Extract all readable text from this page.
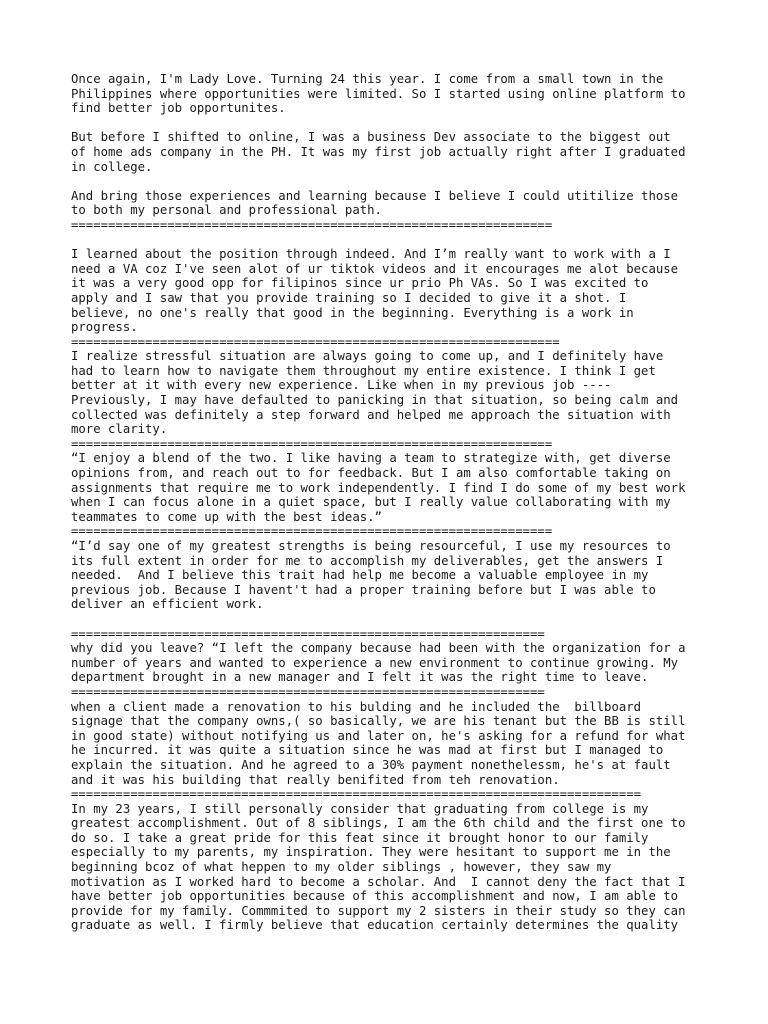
Once again, I'm Lady Love. Turning 24 this year. I come from a small town in the
Philippines where opportunities were limited. So I started using online platform to
find better job opportunites.

But before I shifted to online, I was a business Dev associate to the biggest out
of home ads company in the PH. It was my first job actually right after I graduated
in college.

And bring those experiences and learning because I believe I could utitilize those
to both my personal and professional path.
=================================================================

I learned about the position through indeed. And I’m really want to work with a I
need a VA coz I've seen alot of ur tiktok videos and it encourages me alot because
it was a very good opp for filipinos since ur prio Ph VAs. So I was excited to
apply and I saw that you provide training so I decided to give it a shot. I
believe, no one's really that good in the beginning. Everything is a work in
progress.
==================================================================
I realize stressful situation are always going to come up, and I definitely have
had to learn how to navigate them throughout my entire existence. I think I get
better at it with every new experience. Like when in my previous job ----
Previously, I may have defaulted to panicking in that situation, so being calm and
collected was definitely a step forward and helped me approach the situation with
more clarity.
=================================================================
“I enjoy a blend of the two. I like having a team to strategize with, get diverse
opinions from, and reach out to for feedback. But I am also comfortable taking on
assignments that require me to work independently. I find I do some of my best work
when I can focus alone in a quiet space, but I really value collaborating with my
teammates to come up with the best ideas.”
=================================================================
“I’d say one of my greatest strengths is being resourceful, I use my resources to
its full extent in order for me to accomplish my deliverables, get the answers I
needed.  And I believe this trait had help me become a valuable employee in my
previous job. Because I havent't had a proper training before but I was able to
deliver an efficient work.

================================================================
why did you leave? “I left the company because had been with the organization for a
number of years and wanted to experience a new environment to continue growing. My
department brought in a new manager and I felt it was the right time to leave.
================================================================
when a client made a renovation to his bulding and he included the  billboard
signage that the company owns,( so basically, we are his tenant but the BB is still
in good state) without notifying us and later on, he's asking for a refund for what
he incurred. it was quite a situation since he was mad at first but I managed to
explain the situation. And he agreed to a 30% payment nonethelessm, he's at fault
and it was his building that really benifited from teh renovation.
=============================================================================
In my 23 years, I still personally consider that graduating from college is my
greatest accomplishment. Out of 8 siblings, I am the 6th child and the first one to
do so. I take a great pride for this feat since it brought honor to our family
especially to my parents, my inspiration. They were hesitant to support me in the
beginning bcoz of what heppen to my older siblings , however, they saw my
motivation as I worked hard to become a scholar. And  I cannot deny the fact that I
have better job opportunities because of this accomplishment and now, I am able to
provide for my family. Commmited to support my 2 sisters in their study so they can
graduate as well. I firmly believe that education certainly determines the quality
